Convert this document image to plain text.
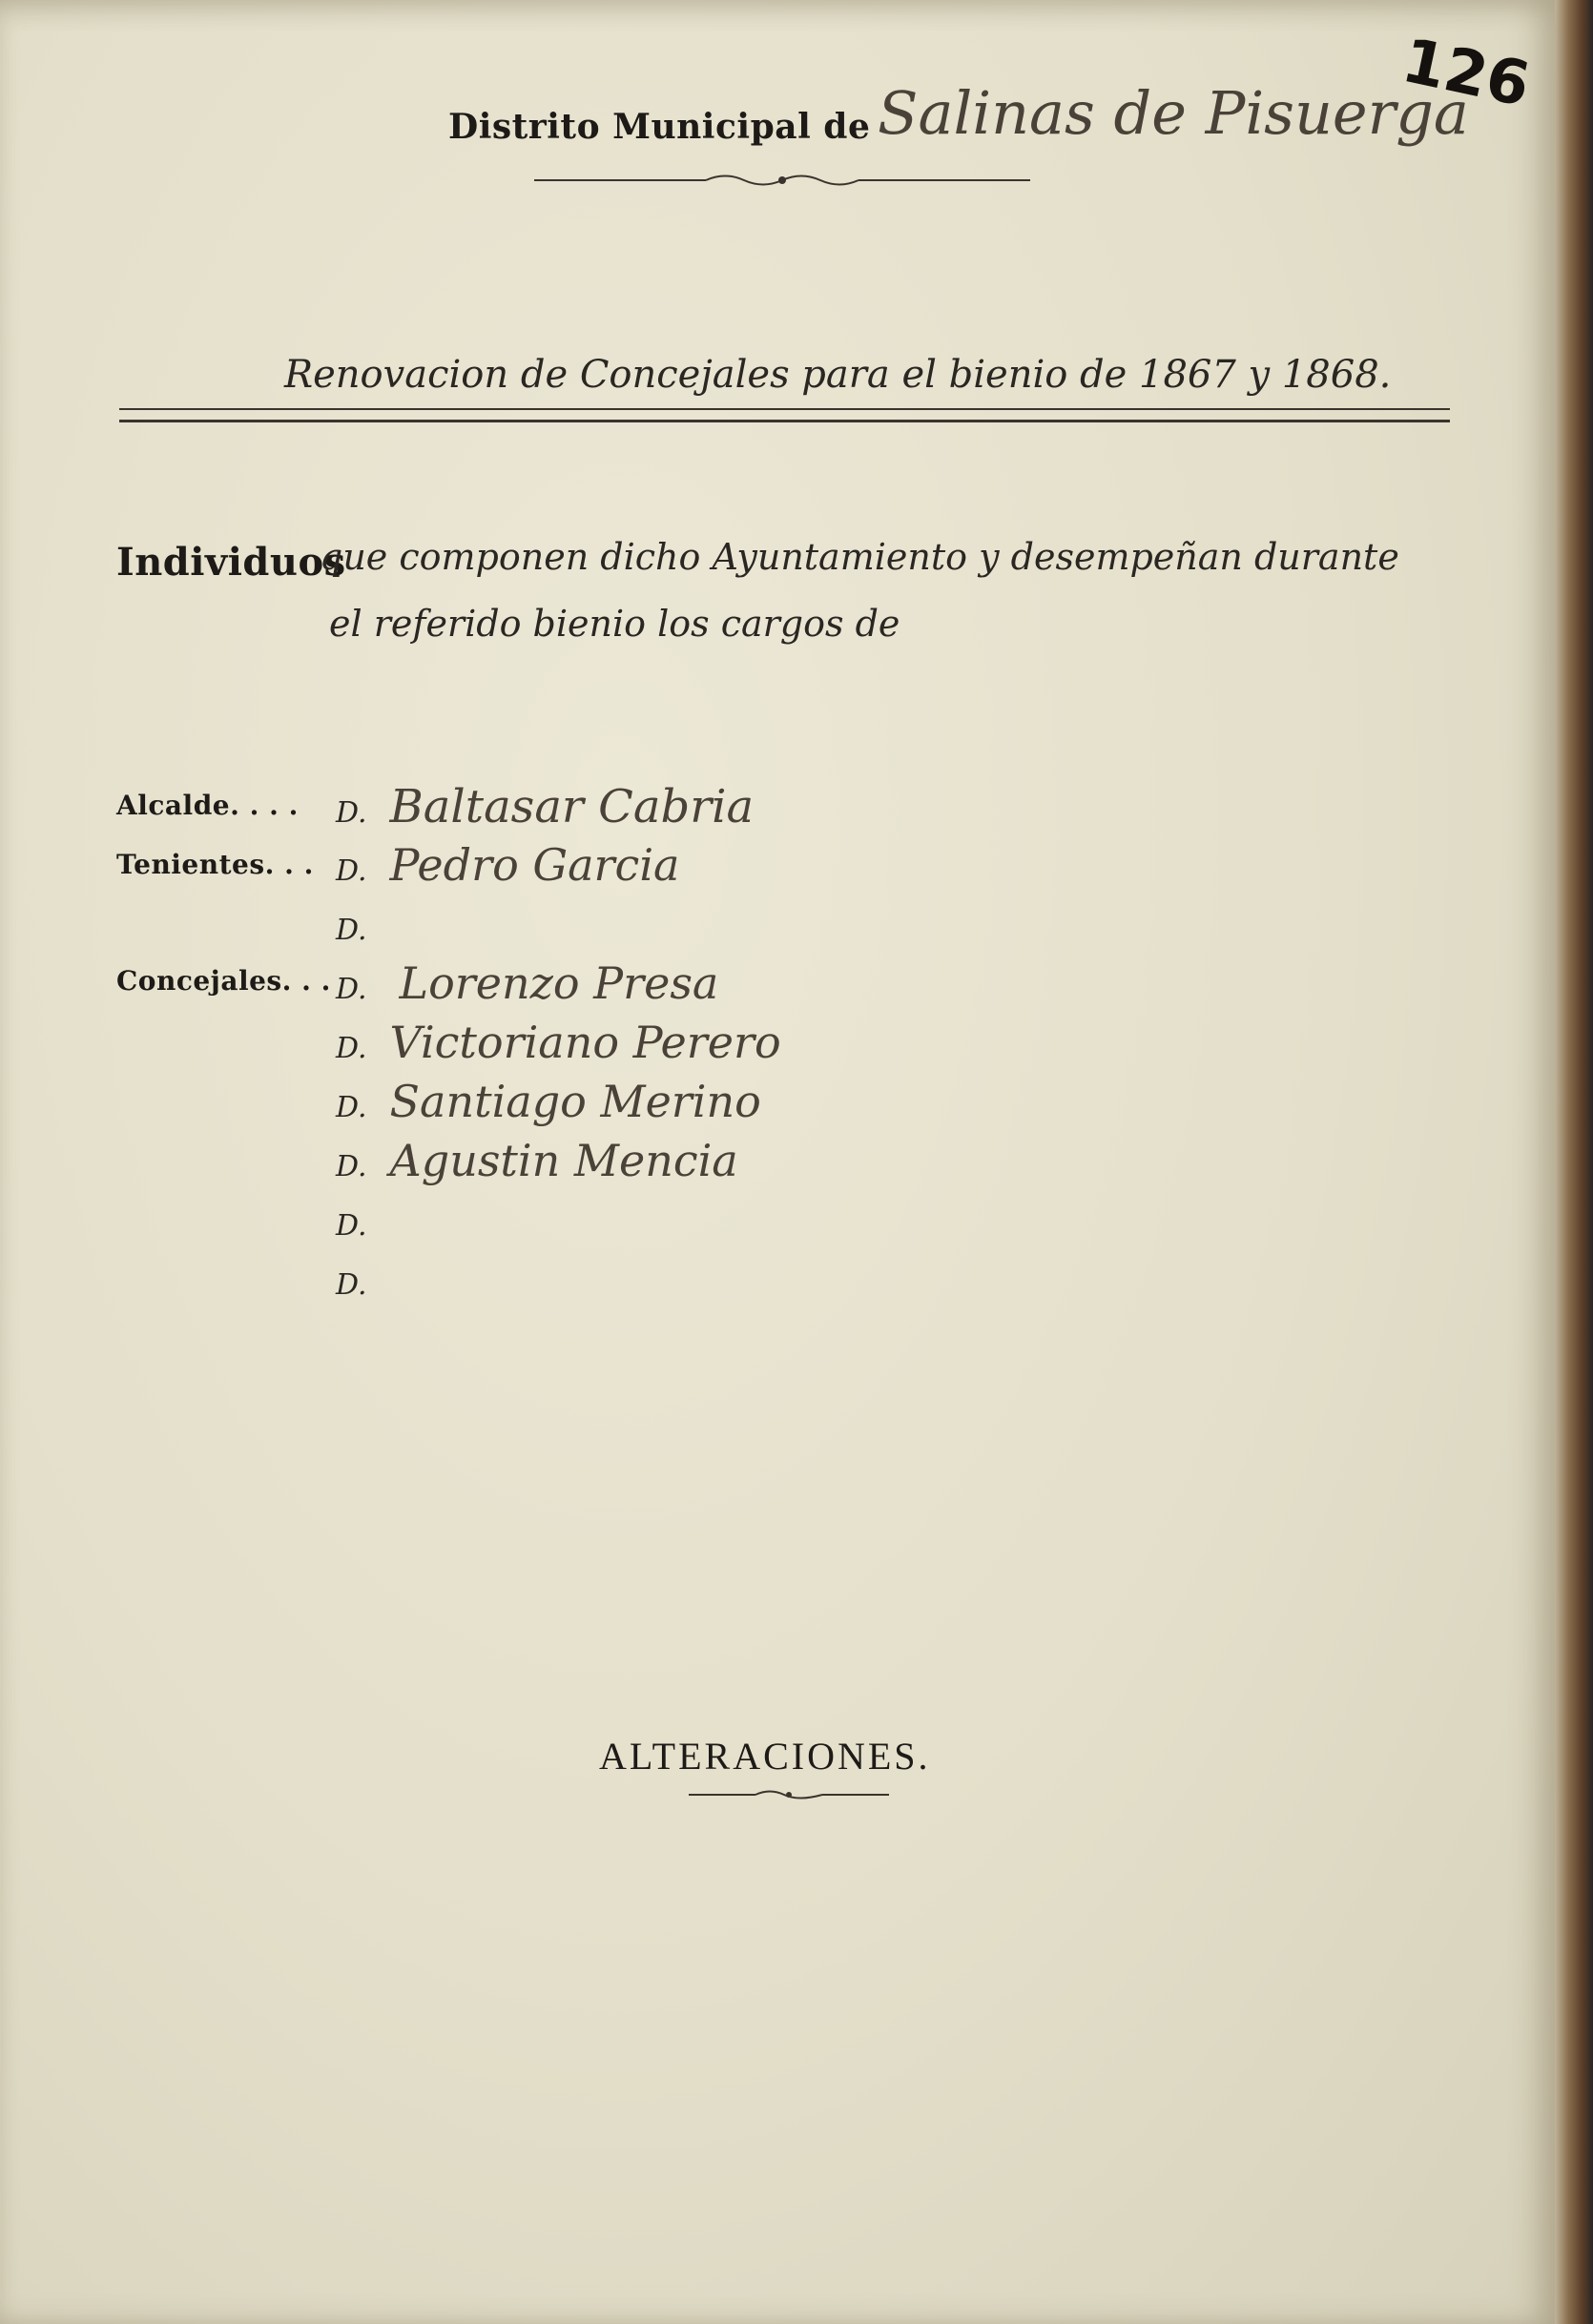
Distrito Municipal de Salinas de Pisuerga
126
Renovacion de Concejales para el bienio de 1867 y 1868.
Individuos
que componen dicho Ayuntamiento y desempeñan durante
el referido bienio los cargos de
Alcalde. . . .
Tenientes. . .
Concejales. . .
D. Baltasar Cabria
D. Pedro Garcia
D.
D. Lorenzo Presa
D. Victoriano Perero
D. Santiago Merino
D. Agustin Mencia
D.
D.
ALTERACIONES.
